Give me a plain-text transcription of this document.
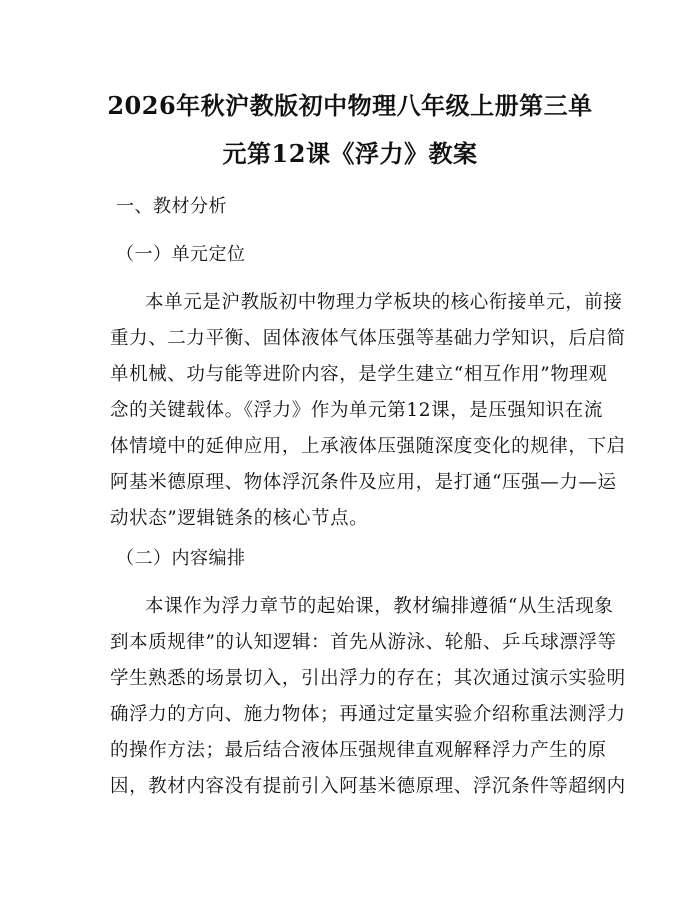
2026年秋沪教版初中物理八年级上册第三单
元第12课《浮力》教案
一、教材分析
（一）单元定位
本单元是沪教版初中物理力学板块的核心衔接单元，前接
重力、二力平衡、固体液体气体压强等基础力学知识，后启简
单机械、功与能等进阶内容，是学生建立“相互作用”物理观
念的关键载体。《浮力》作为单元第12课，是压强知识在流
体情境中的延伸应用，上承液体压强随深度变化的规律，下启
阿基米德原理、物体浮沉条件及应用，是打通“压强—力—运
动状态”逻辑链条的核心节点。
（二）内容编排
本课作为浮力章节的起始课，教材编排遵循“从生活现象
到本质规律”的认知逻辑：首先从游泳、轮船、乒乓球漂浮等
学生熟悉的场景切入，引出浮力的存在；其次通过演示实验明
确浮力的方向、施力物体；再通过定量实验介绍称重法测浮力
的操作方法；最后结合液体压强规律直观解释浮力产生的原
因，教材内容没有提前引入阿基米德原理、浮沉条件等超纲内
